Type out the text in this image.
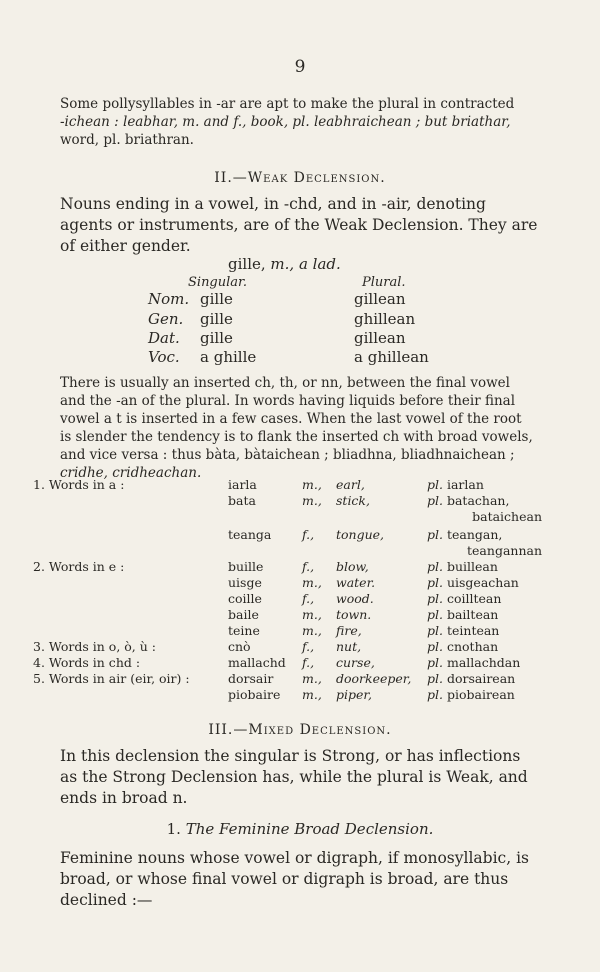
9
Some pollysyllables in -ar are apt to make the plural in contracted
-ichean : leabhar, m. and f., book, pl. leabhraichean ; but briathar,
word, pl. briathran.
II.—Weak Declension.
Nouns ending in a vowel, in -chd, and in -air, denoting
agents or instruments, are of the Weak Declension. They are
of either gender.
gille, m., a lad.
Singular.	Plural.
Nom. gille	gillean
Gen. gille	ghillean
Dat. gille	gillean
Voc. a ghille	a ghillean
There is usually an inserted ch, th, or nn, between the final vowel
and the -an of the plural. In words having liquids before their final
vowel a t is inserted in a few cases. When the last vowel of the root
is slender the tendency is to flank the inserted ch with broad vowels,
and vice versa : thus bàta, bàtaichean ; bliadhna, bliadhnaichean ;
cridhe, cridheachan.
1. Words in a :	iarla	m., earl,	pl. iarlan
bata	m., stick,	pl. batachan,
bataichean
teanga f., tongue,	pl. teangan,
teangannan
2. Words in e :	buille	f., blow,	pl. buillean
uisge	m., water.	pl. uisgeachan
coille	f., wood.	pl. coilltean
baile	m., town.	pl. bailtean
teine	m., fire,	pl. teintean
3. Words in o, ò, ù :	cnò	f., nut,	pl. cnothan
4. Words in chd :	mallachd f., curse,	pl. mallachdan
5. Words in air (eir, oir) :	dorsair m., doorkeeper, pl. dorsairean
piobaire m., piper,	pl. piobairean
III.—Mixed Declension.
In this declension the singular is Strong, or has inflections
as the Strong Declension has, while the plural is Weak, and
ends in broad n.
1. The Feminine Broad Declension.
Feminine nouns whose vowel or digraph, if monosyllabic, is
broad, or whose final vowel or digraph is broad, are thus
declined :—
